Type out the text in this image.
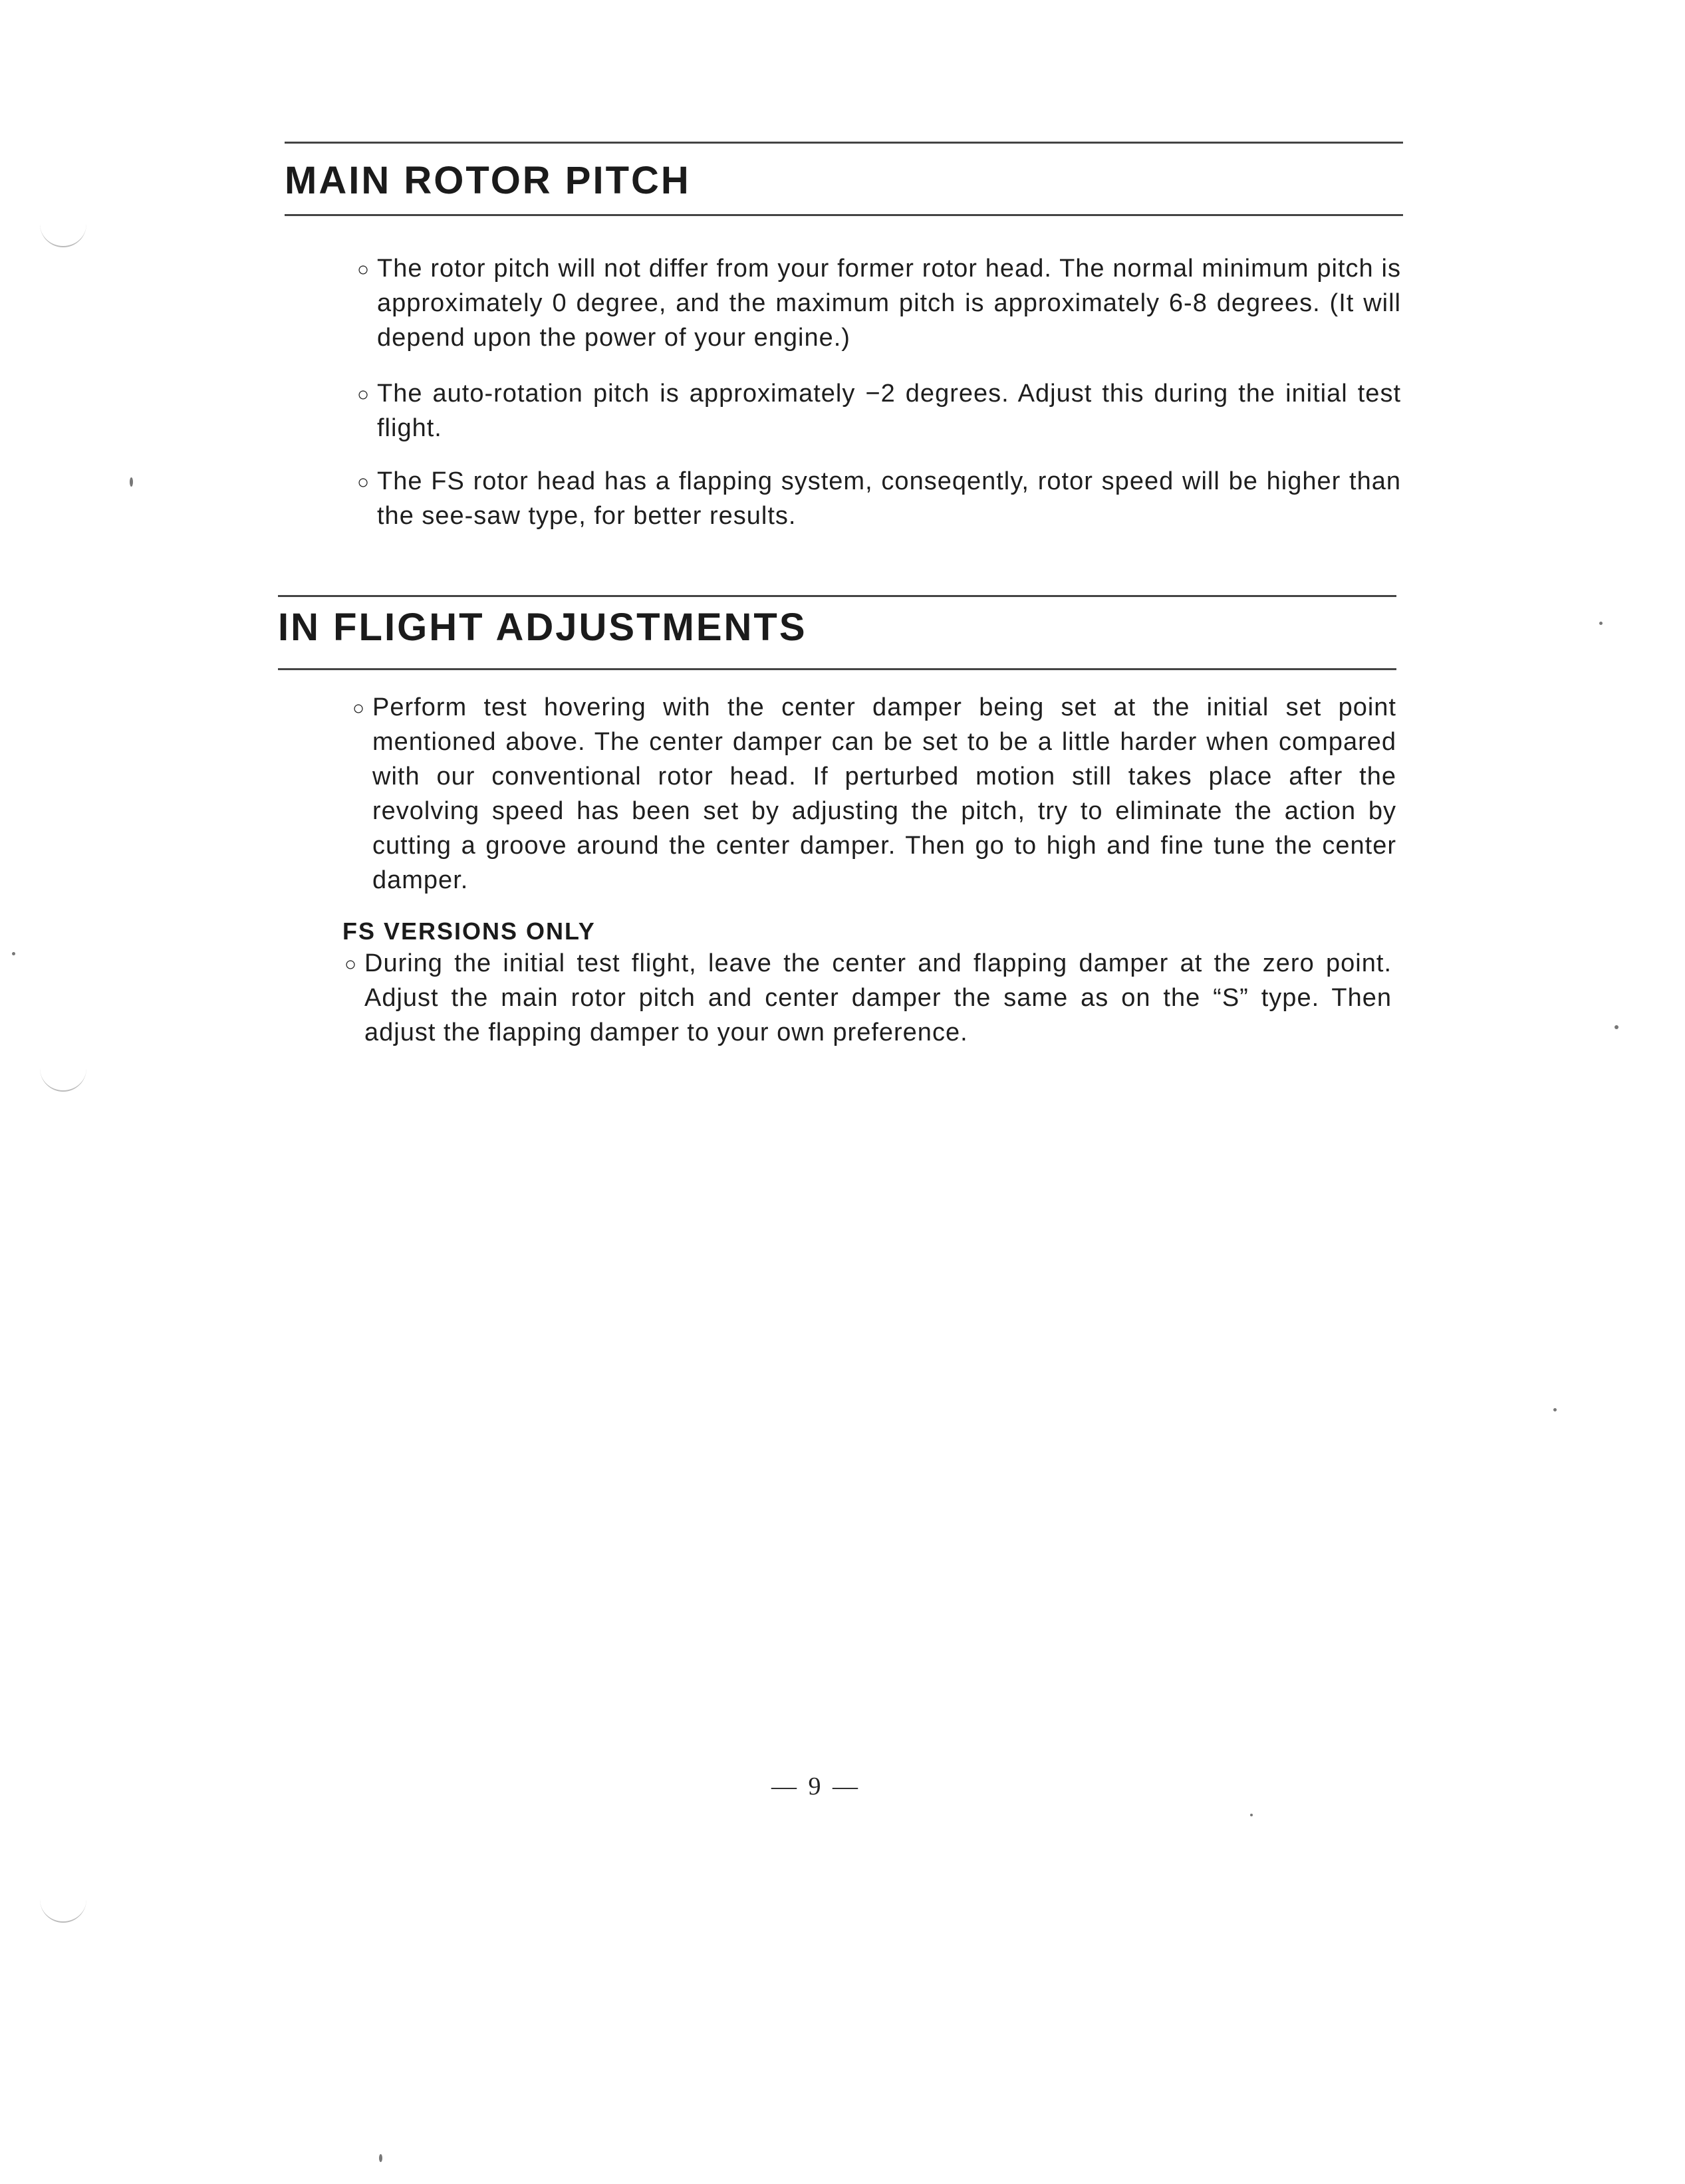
MAIN ROTOR PITCH
○ The rotor pitch will not differ from your former rotor head. The normal minimum pitch is approximately 0 degree, and the maximum pitch is approximately 6-8 degrees. (It will depend upon the power of your engine.)

○ The auto-rotation pitch is approximately −2 degrees. Adjust this during the initial test flight.

○ The FS rotor head has a flapping system, conseqently, rotor speed will be higher than the see-saw type, for better results.

IN FLIGHT ADJUSTMENTS
○ Perform test hovering with the center damper being set at the initial set point mentioned above. The center damper can be set to be a little harder when compared with our conventional rotor head. If perturbed motion still takes place after the revolving speed has been set by adjusting the pitch, try to eliminate the action by cutting a groove around the center damper. Then go to high and fine tune the center damper.

FS VERSIONS ONLY
○ During the initial test flight, leave the center and flapping damper at the zero point. Adjust the main rotor pitch and center damper the same as on the “S” type. Then adjust the flapping damper to your own preference.

— 9 —
